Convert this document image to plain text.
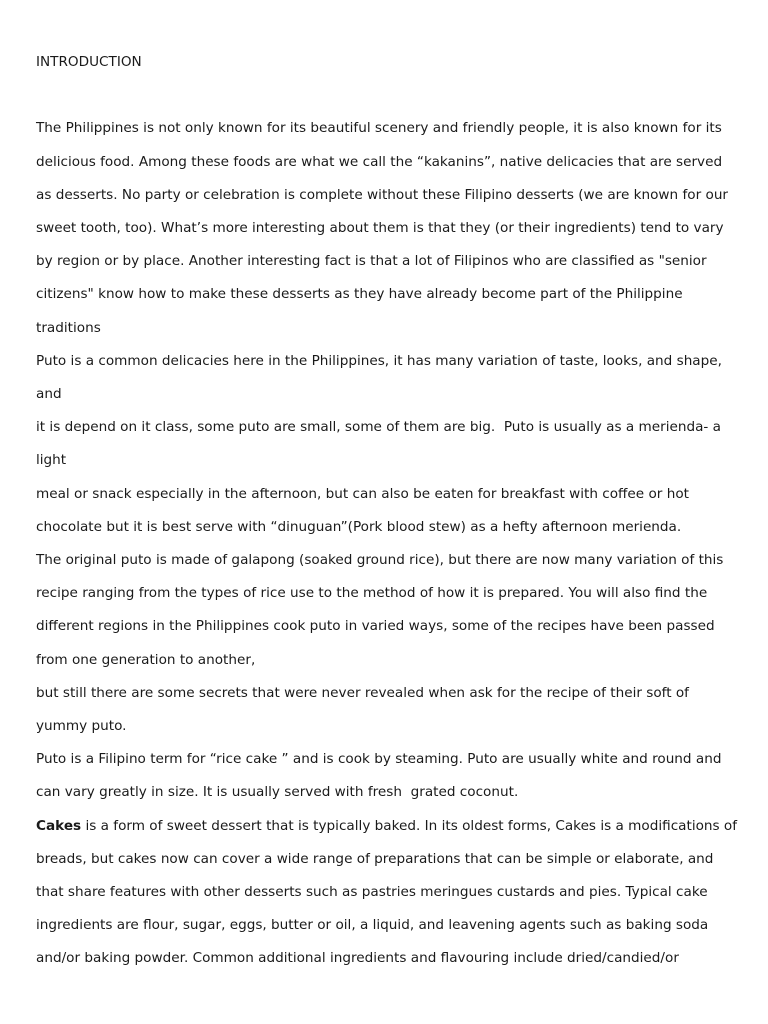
INTRODUCTION

The Philippines is not only known for its beautiful scenery and friendly people, it is also known for its delicious food. Among these foods are what we call the “kakanins”, native delicacies that are served as desserts. No party or celebration is complete without these Filipino desserts (we are known for our sweet tooth, too). What’s more interesting about them is that they (or their ingredients) tend to vary by region or by place. Another interesting fact is that a lot of Filipinos who are classified as "senior citizens" know how to make these desserts as they have already become part of the Philippine traditions

Puto is a common delicacies here in the Philippines, it has many variation of taste, looks, and shape, and

it is depend on it class, some puto are small, some of them are big.  Puto is usually as a merienda- a light

meal or snack especially in the afternoon, but can also be eaten for breakfast with coffee or hot chocolate but it is best serve with “dinuguan”(Pork blood stew) as a hefty afternoon merienda.

The original puto is made of galapong (soaked ground rice), but there are now many variation of this recipe ranging from the types of rice use to the method of how it is prepared. You will also find the different regions in the Philippines cook puto in varied ways, some of the recipes have been passed from one generation to another,

but still there are some secrets that were never revealed when ask for the recipe of their soft of yummy puto.

Puto is a Filipino term for “rice cake ” and is cook by steaming. Puto are usually white and round and can vary greatly in size. It is usually served with fresh  grated coconut.

Cakes is a form of sweet dessert that is typically baked. In its oldest forms, Cakes is a modifications of breads, but cakes now can cover a wide range of preparations that can be simple or elaborate, and that share features with other desserts such as pastries meringues custards and pies. Typical cake ingredients are flour, sugar, eggs, butter or oil, a liquid, and leavening agents such as baking soda and/or baking powder. Common additional ingredients and flavouring include dried/candied/or
